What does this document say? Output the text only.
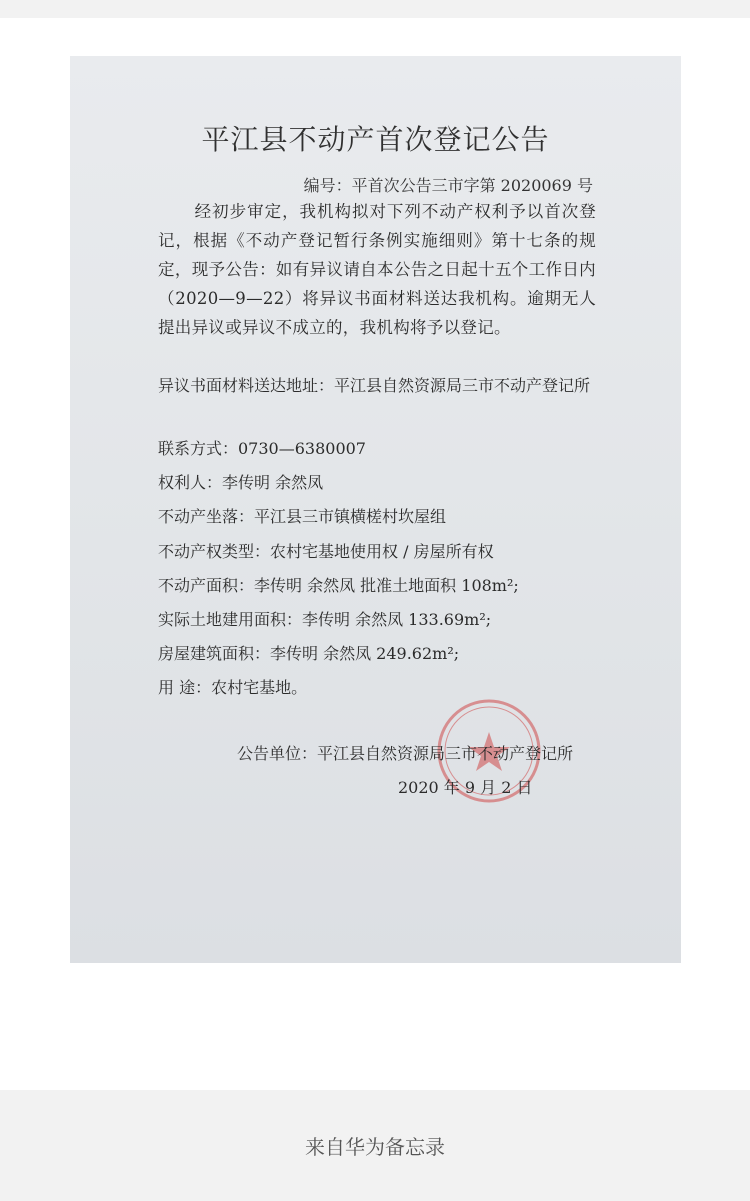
平江县不动产首次登记公告
编号：平首次公告三市字第 2020069 号
经初步审定，我机构拟对下列不动产权利予以首次登记，根据《不动产登记暂行条例实施细则》第十七条的规定，现予公告：如有异议请自本公告之日起十五个工作日内（2020—9—22）将异议书面材料送达我机构。逾期无人提出异议或异议不成立的，我机构将予以登记。
异议书面材料送达地址：平江县自然资源局三市不动产登记所
联系方式：0730—6380007
权利人：李传明 余然凤
不动产坐落：平江县三市镇横槎村坎屋组
不动产权类型：农村宅基地使用权 / 房屋所有权
不动产面积：李传明 余然凤 批准土地面积 108m²;
实际土地建用面积：李传明 余然凤 133.69m²;
房屋建筑面积：李传明 余然凤 249.62m²;
用 途：农村宅基地。
公告单位：平江县自然资源局三市不动产登记所
2020 年 9 月 2 日
来自华为备忘录
